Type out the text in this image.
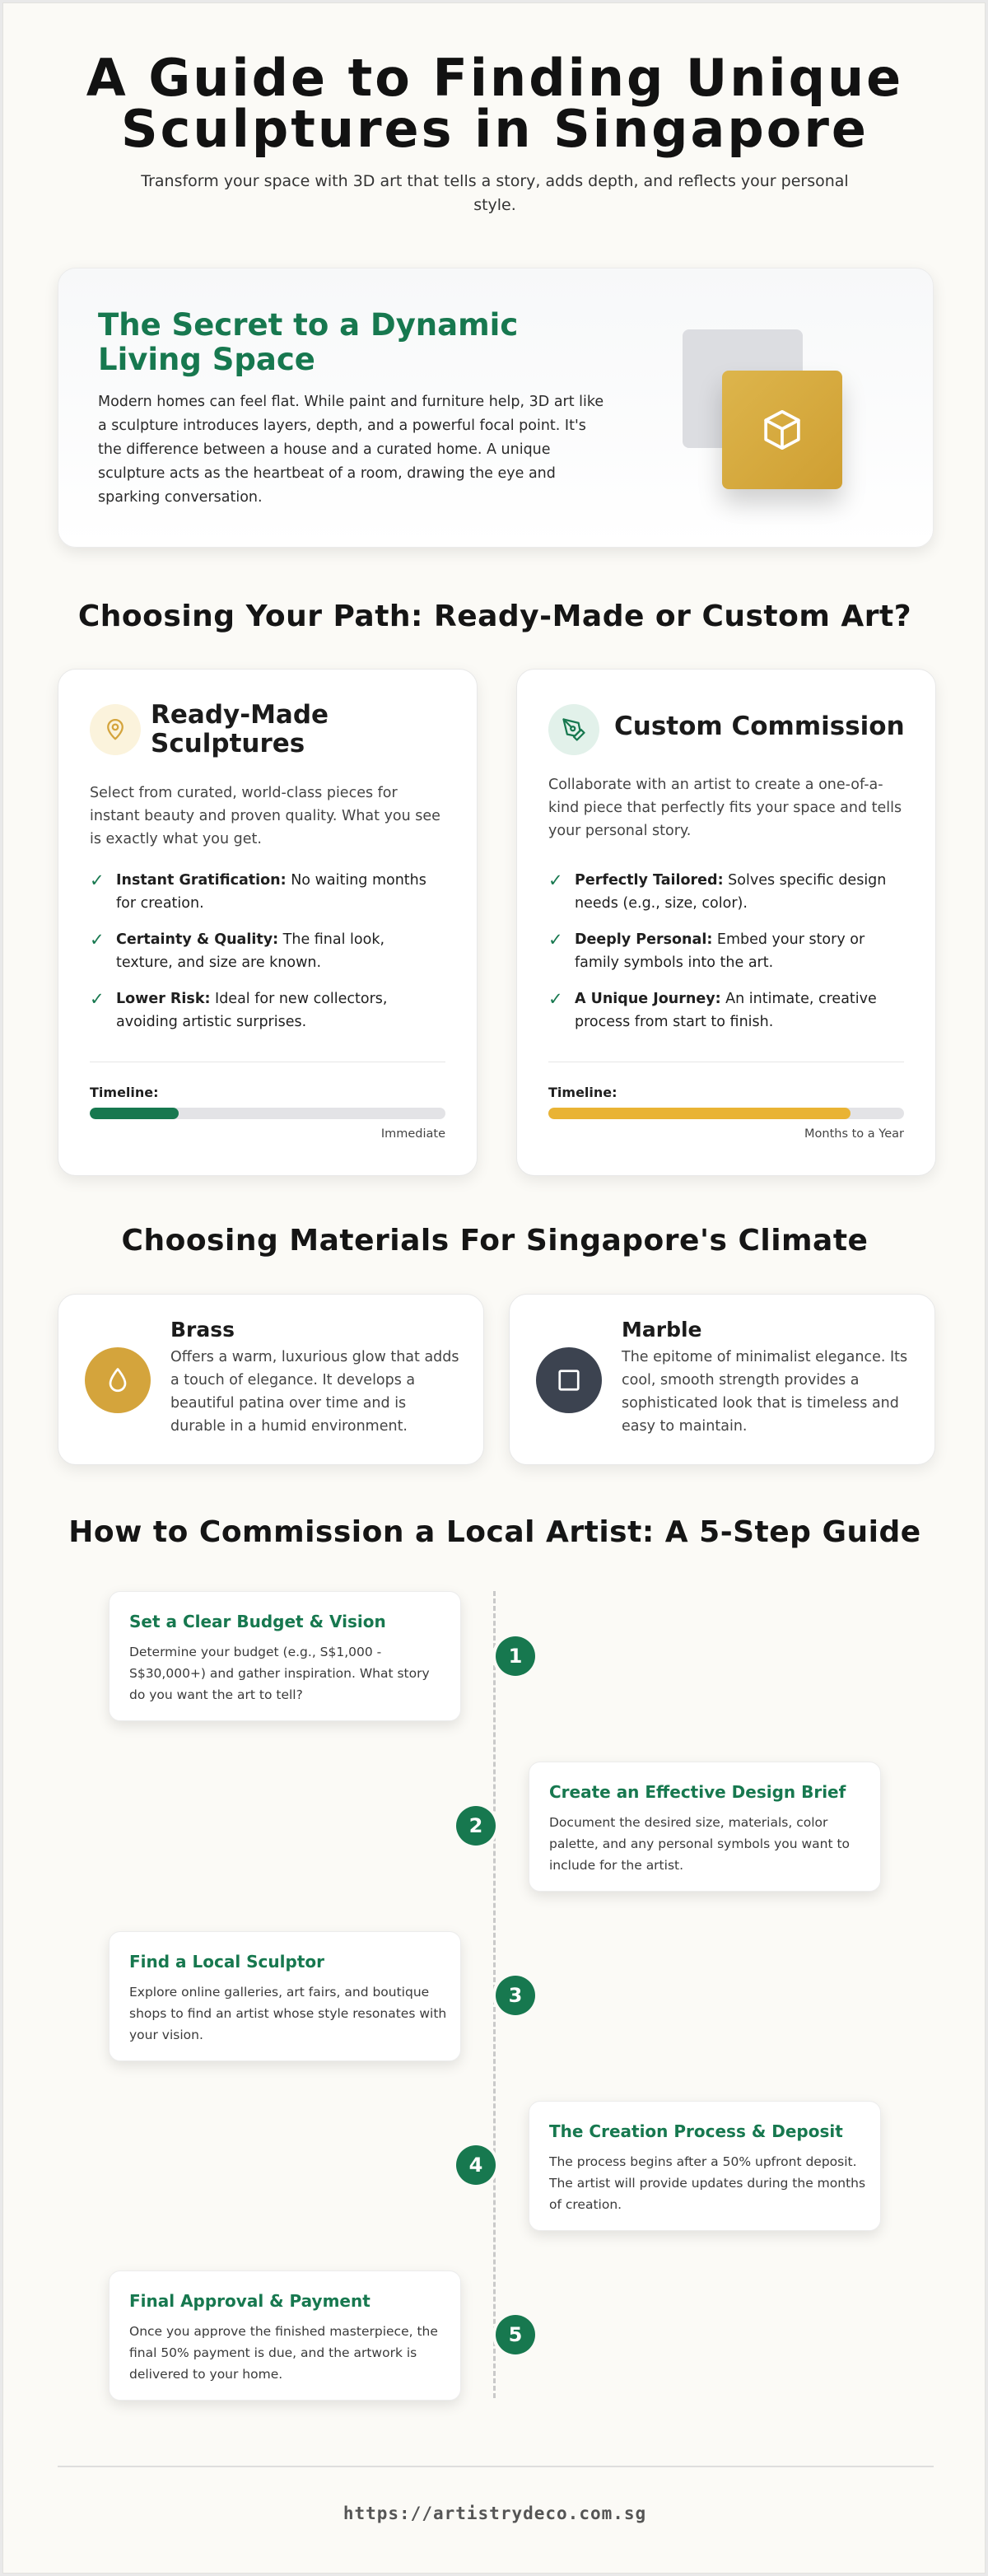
A Guide to Finding Unique
Sculptures in Singapore
Transform your space with 3D art that tells a story, adds depth, and reflects your personal style.
The Secret to a Dynamic Living Space
Modern homes can feel flat. While paint and furniture help, 3D art like a sculpture introduces layers, depth, and a powerful focal point. It's the difference between a house and a curated home. A unique sculpture acts as the heartbeat of a room, drawing the eye and sparking conversation.
Choosing Your Path: Ready-Made or Custom Art?
Ready-Made Sculptures
Select from curated, world-class pieces for instant beauty and proven quality. What you see is exactly what you get.
✓ Instant Gratification: No waiting months for creation.
✓ Certainty & Quality: The final look, texture, and size are known.
✓ Lower Risk: Ideal for new collectors, avoiding artistic surprises.
Timeline:
Immediate
Custom Commission
Collaborate with an artist to create a one-of-a-kind piece that perfectly fits your space and tells your personal story.
✓ Perfectly Tailored: Solves specific design needs (e.g., size, color).
✓ Deeply Personal: Embed your story or family symbols into the art.
✓ A Unique Journey: An intimate, creative process from start to finish.
Timeline:
Months to a Year
Choosing Materials For Singapore's Climate
Brass
Offers a warm, luxurious glow that adds a touch of elegance. It develops a beautiful patina over time and is durable in a humid environment.
Marble
The epitome of minimalist elegance. Its cool, smooth strength provides a sophisticated look that is timeless and easy to maintain.
How to Commission a Local Artist: A 5-Step Guide
Set a Clear Budget & Vision
Determine your budget (e.g., S$1,000 - S$30,000+) and gather inspiration. What story do you want the art to tell?
1
Create an Effective Design Brief
Document the desired size, materials, color palette, and any personal symbols you want to include for the artist.
2
Find a Local Sculptor
Explore online galleries, art fairs, and boutique shops to find an artist whose style resonates with your vision.
3
The Creation Process & Deposit
The process begins after a 50% upfront deposit. The artist will provide updates during the months of creation.
4
Final Approval & Payment
Once you approve the finished masterpiece, the final 50% payment is due, and the artwork is delivered to your home.
5
https://artistrydeco.com.sg
